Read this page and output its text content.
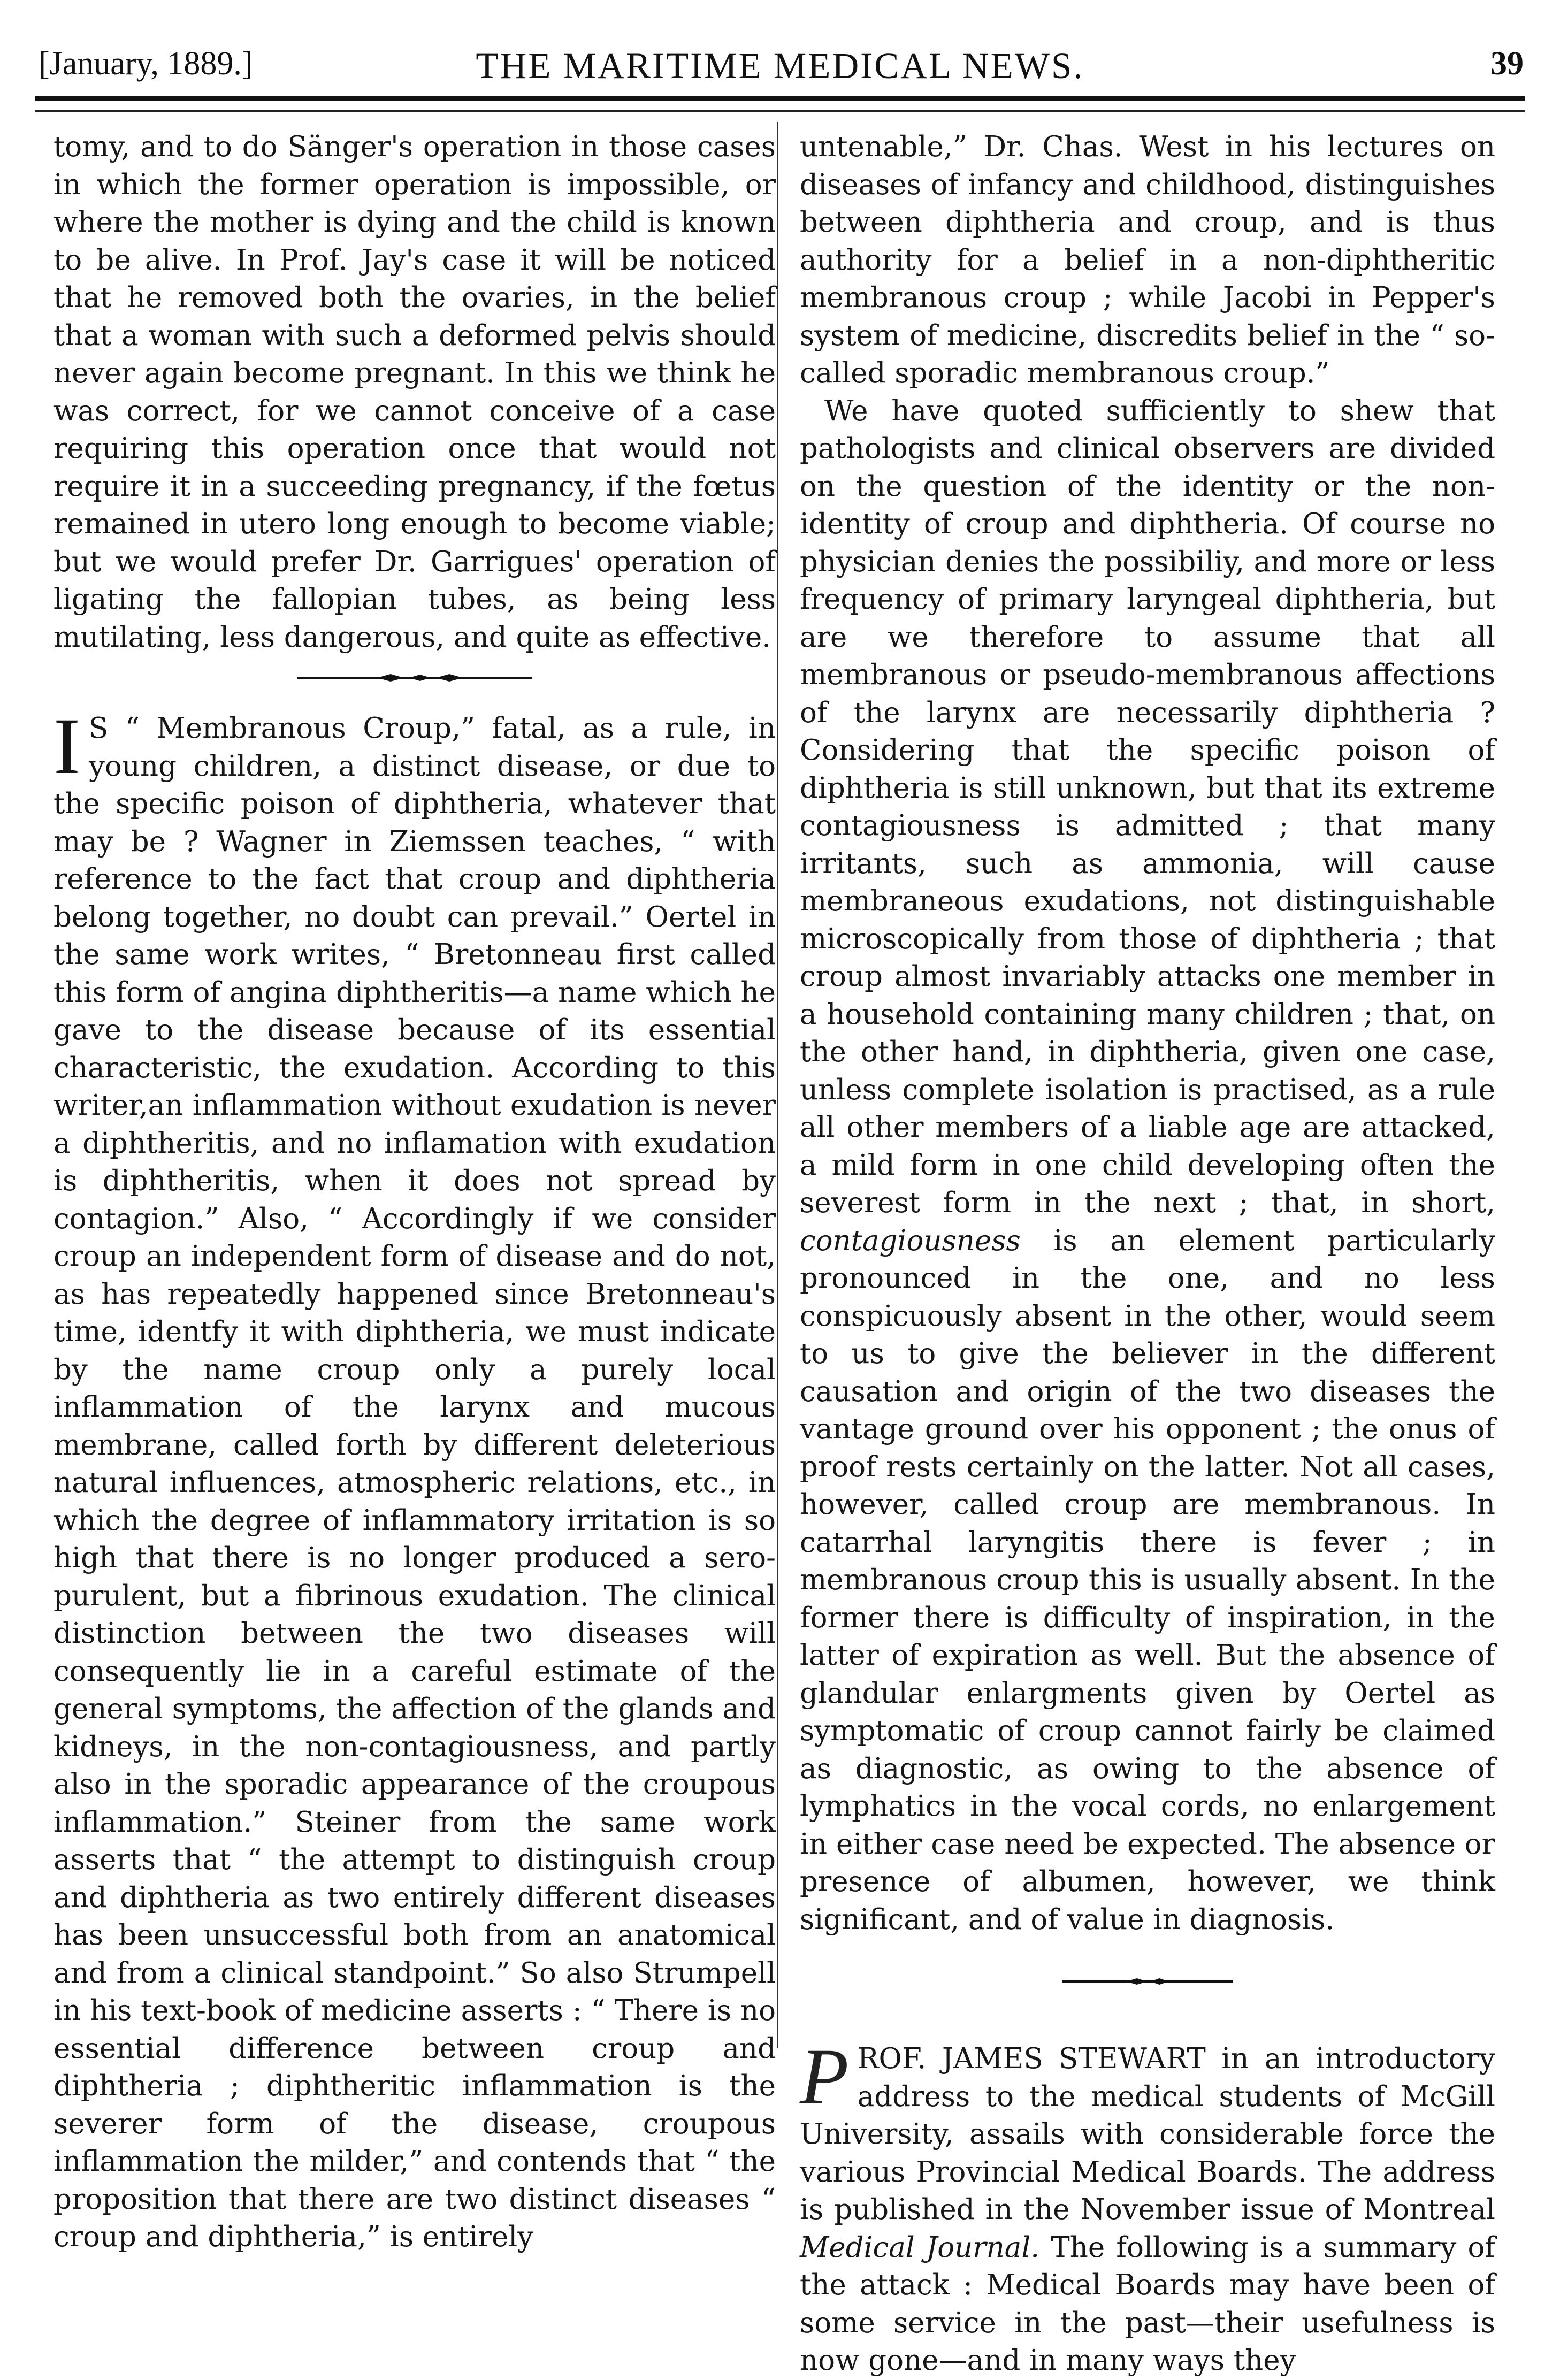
[January, 1889.]	THE MARITIME MEDICAL NEWS.	39

tomy, and to do Sänger's operation in those cases in which the former operation is impossible, or where the mother is dying and the child is known to be alive. In Prof. Jay's case it will be noticed that he removed both the ovaries, in the belief that a woman with such a deformed pelvis should never again become pregnant. In this we think he was correct, for we cannot conceive of a case requiring this operation once that would not require it in a succeeding pregnancy, if the fœtus remained in utero long enough to become viable; but we would prefer Dr. Garrigues' operation of ligating the fallopian tubes, as being less mutilating, less dangerous, and quite as effective.

I S “ Membranous Croup,” fatal, as a rule, in young children, a distinct disease, or due to the specific poison of diphtheria, whatever that may be ? Wagner in Ziemssen teaches, “ with reference to the fact that croup and diphtheria belong together, no doubt can prevail.” Oertel in the same work writes, “ Bretonneau first called this form of angina diphtheritis—a name which he gave to the disease because of its essential characteristic, the exudation. According to this writer,an inflammation without exudation is never a diphtheritis, and no inflamation with exudation is diphtheritis, when it does not spread by contagion.” Also, “ Accordingly if we consider croup an independent form of disease and do not, as has repeatedly happened since Bretonneau's time, identfy it with diphtheria, we must indicate by the name croup only a purely local inflammation of the larynx and mucous membrane, called forth by different deleterious natural influences, atmospheric relations, etc., in which the degree of inflammatory irritation is so high that there is no longer produced a sero-purulent, but a fibrinous exudation. The clinical distinction between the two diseases will consequently lie in a careful estimate of the general symptoms, the affection of the glands and kidneys, in the non-contagiousness, and partly also in the sporadic appearance of the croupous inflammation.” Steiner from the same work asserts that “ the attempt to distinguish croup and diphtheria as two entirely different diseases has been unsuccessful both from an anatomical and from a clinical standpoint.” So also Strumpell in his text-book of medicine asserts : “ There is no essential difference between croup and diphtheria ; diphtheritic inflammation is the severer form of the disease, croupous inflammation the milder,” and contends that “ the proposition that there are two distinct diseases “ croup and diphtheria,” is entirely

untenable,” Dr. Chas. West in his lectures on diseases of infancy and childhood, distinguishes between diphtheria and croup, and is thus authority for a belief in a non-diphtheritic membranous croup ; while Jacobi in Pepper's system of medicine, discredits belief in the “ so-called sporadic membranous croup.”

We have quoted sufficiently to shew that pathologists and clinical observers are divided on the question of the identity or the non-identity of croup and diphtheria. Of course no physician denies the possibiliy, and more or less frequency of primary laryngeal diphtheria, but are we therefore to assume that all membranous or pseudo-membranous affections of the larynx are necessarily diphtheria ? Considering that the specific poison of diphtheria is still unknown, but that its extreme contagiousness is admitted ; that many irritants, such as ammonia, will cause membraneous exudations, not distinguishable microscopically from those of diphtheria ; that croup almost invariably attacks one member in a household containing many children ; that, on the other hand, in diphtheria, given one case, unless complete isolation is practised, as a rule all other members of a liable age are attacked, a mild form in one child developing often the severest form in the next ; that, in short, contagiousness is an element particularly pronounced in the one, and no less conspicuously absent in the other, would seem to us to give the believer in the different causation and origin of the two diseases the vantage ground over his opponent ; the onus of proof rests certainly on the latter. Not all cases, however, called croup are membranous. In catarrhal laryngitis there is fever ; in membranous croup this is usually absent. In the former there is difficulty of inspiration, in the latter of expiration as well. But the absence of glandular enlargments given by Oertel as symptomatic of croup cannot fairly be claimed as diagnostic, as owing to the absence of lymphatics in the vocal cords, no enlargement in either case need be expected. The absence or presence of albumen, however, we think significant, and of value in diagnosis.

PROF. JAMES STEWART in an introductory address to the medical students of McGill University, assails with considerable force the various Provincial Medical Boards. The address is published in the November issue of Montreal Medical Journal. The following is a summary of the attack : Medical Boards may have been of some service in the past—their usefulness is now gone—and in many ways they
